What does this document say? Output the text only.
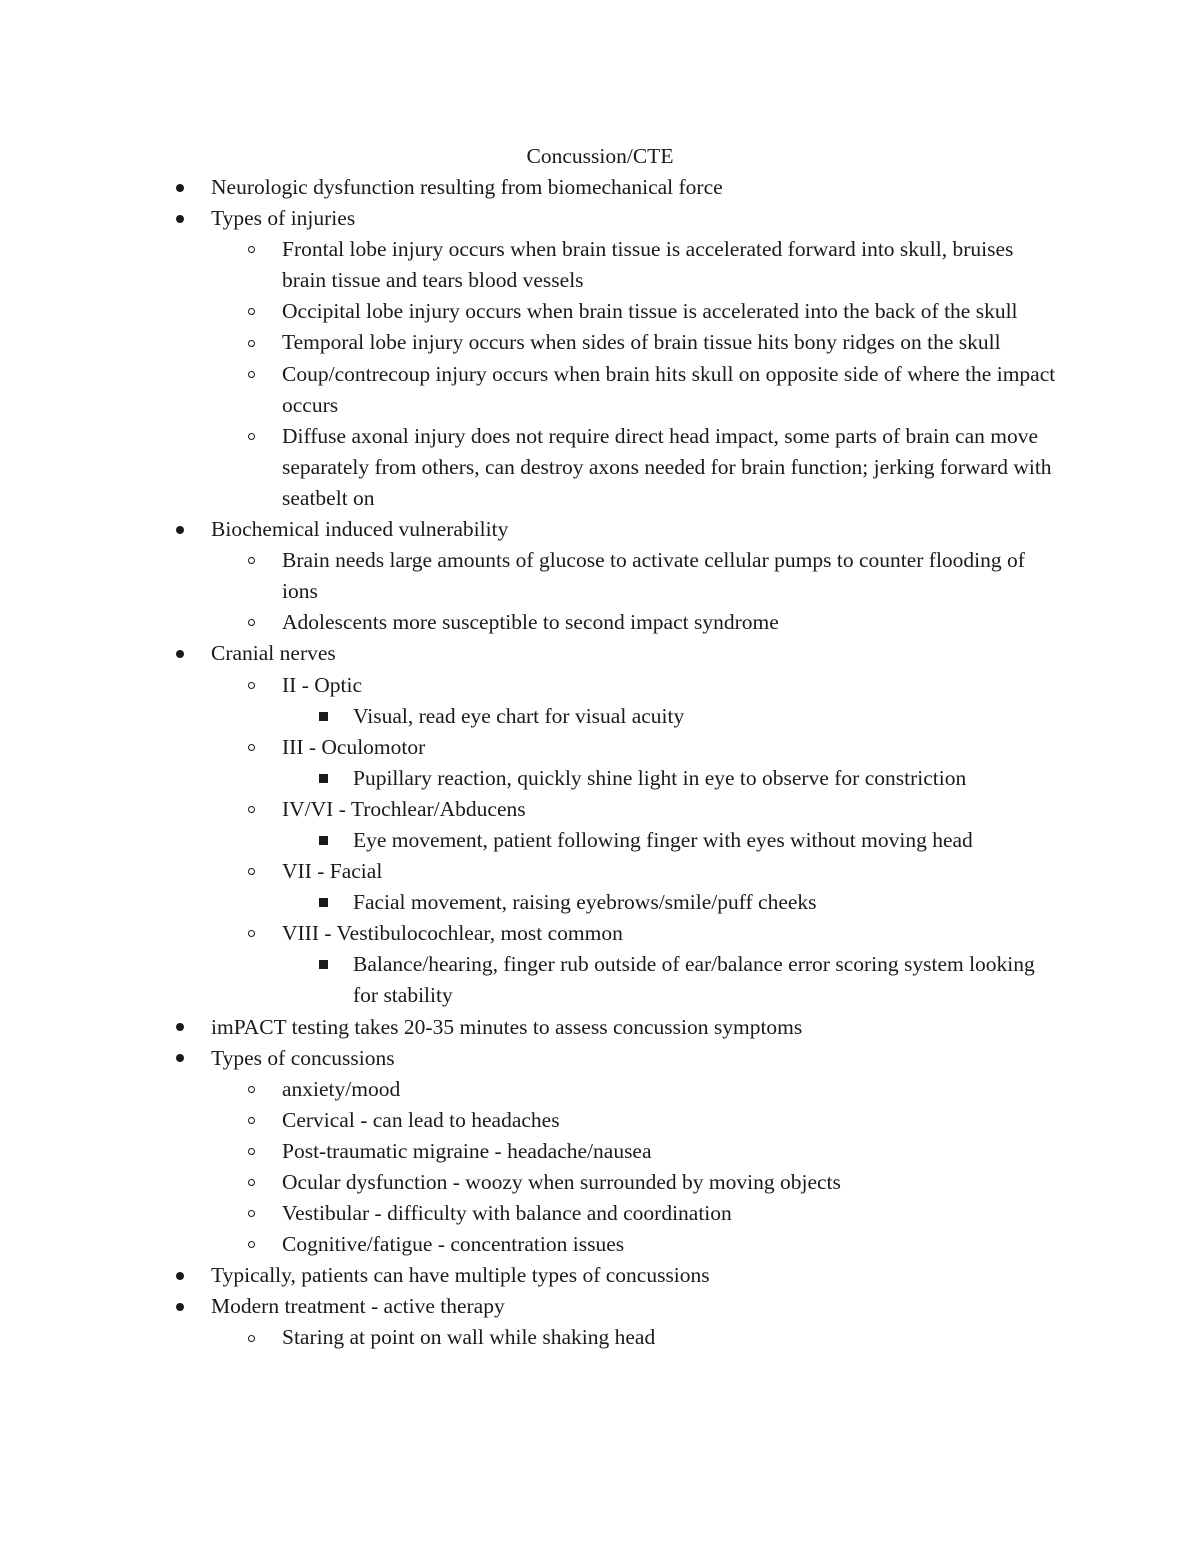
Concussion/CTE
Neurologic dysfunction resulting from biomechanical force
Types of injuries
Frontal lobe injury occurs when brain tissue is accelerated forward into skull, bruises brain tissue and tears blood vessels
Occipital lobe injury occurs when brain tissue is accelerated into the back of the skull
Temporal lobe injury occurs when sides of brain tissue hits bony ridges on the skull
Coup/contrecoup injury occurs when brain hits skull on opposite side of where the impact occurs
Diffuse axonal injury does not require direct head impact, some parts of brain can move separately from others, can destroy axons needed for brain function; jerking forward with seatbelt on
Biochemical induced vulnerability
Brain needs large amounts of glucose to activate cellular pumps to counter flooding of ions
Adolescents more susceptible to second impact syndrome
Cranial nerves
II - Optic
Visual, read eye chart for visual acuity
III - Oculomotor
Pupillary reaction, quickly shine light in eye to observe for constriction
IV/VI - Trochlear/Abducens
Eye movement, patient following finger with eyes without moving head
VII - Facial
Facial movement, raising eyebrows/smile/puff cheeks
VIII - Vestibulocochlear, most common
Balance/hearing, finger rub outside of ear/balance error scoring system looking for stability
imPACT testing takes 20-35 minutes to assess concussion symptoms
Types of concussions
anxiety/mood
Cervical - can lead to headaches
Post-traumatic migraine - headache/nausea
Ocular dysfunction - woozy when surrounded by moving objects
Vestibular - difficulty with balance and coordination
Cognitive/fatigue - concentration issues
Typically, patients can have multiple types of concussions
Modern treatment - active therapy
Staring at point on wall while shaking head
